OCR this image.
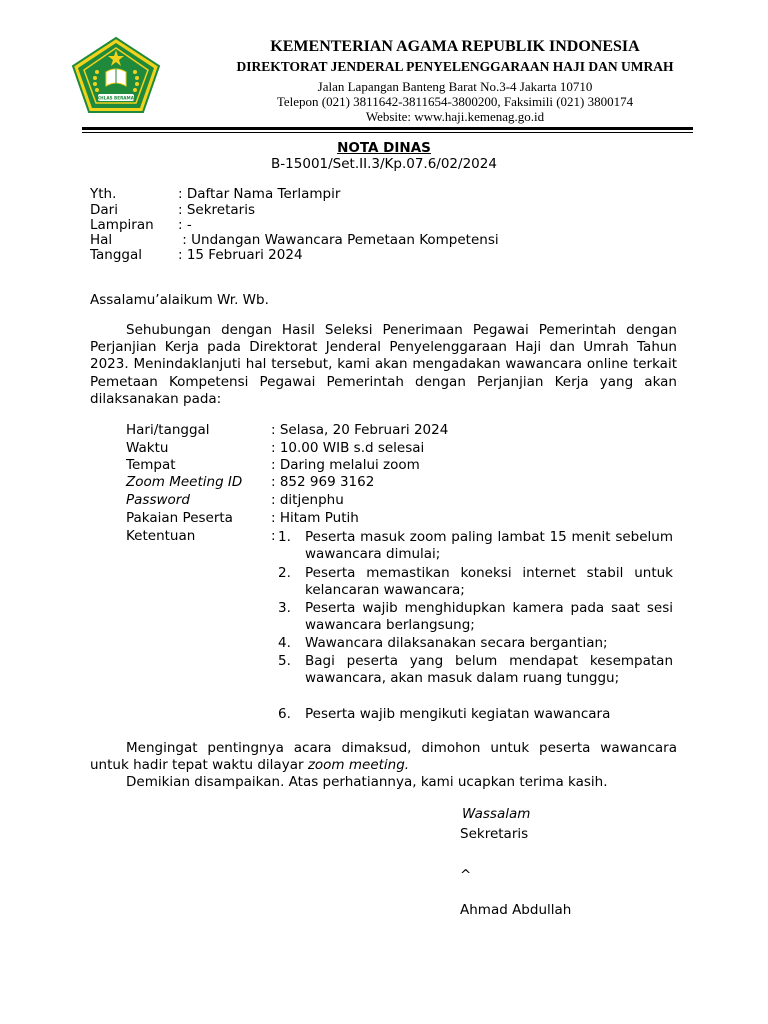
IKHLAS BERAMAL
KEMENTERIAN AGAMA REPUBLIK INDONESIA
DIREKTORAT JENDERAL PENYELENGGARAAN HAJI DAN UMRAH
Jalan Lapangan Banteng Barat No.3-4 Jakarta 10710
Telepon (021) 3811642-3811654-3800200, Faksimili (021) 3800174
Website: www.haji.kemenag.go.id
NOTA DINAS
B-15001/Set.II.3/Kp.07.6/02/2024
Yth.	: Daftar Nama Terlampir
Dari	: Sekretaris
Lampiran : -
Hal	: Undangan Wawancara Pemetaan Kompetensi
Tanggal	: 15 Februari 2024
Assalamu’alaikum Wr. Wb.
Sehubungan dengan Hasil Seleksi Penerimaan Pegawai Pemerintah dengan Perjanjian Kerja pada Direktorat Jenderal Penyelenggaraan Haji dan Umrah Tahun 2023. Menindaklanjuti hal tersebut, kami akan mengadakan wawancara online terkait Pemetaan Kompetensi Pegawai Pemerintah dengan Perjanjian Kerja yang akan dilaksanakan pada:
Hari/tanggal	: Selasa, 20 Februari 2024
Waktu	: 10.00 WIB s.d selesai
Tempat	: Daring melalui zoom
Zoom Meeting ID : 852 969 3162
Password	: ditjenphu
Pakaian Peserta	: Hitam Putih
Ketentuan	: 1. Peserta masuk zoom paling lambat 15 menit sebelum wawancara dimulai;
2. Peserta memastikan koneksi internet stabil untuk kelancaran wawancara;
3. Peserta wajib menghidupkan kamera pada saat sesi wawancara berlangsung;
4. Wawancara dilaksanakan secara bergantian;
5. Bagi peserta yang belum mendapat kesempatan wawancara, akan masuk dalam ruang tunggu;
6. Peserta wajib mengikuti kegiatan wawancara
Mengingat pentingnya acara dimaksud, dimohon untuk peserta wawancara untuk hadir tepat waktu dilayar zoom meeting.
Demikian disampaikan. Atas perhatiannya, kami ucapkan terima kasih.
Wassalam
Sekretaris
^
Ahmad Abdullah
